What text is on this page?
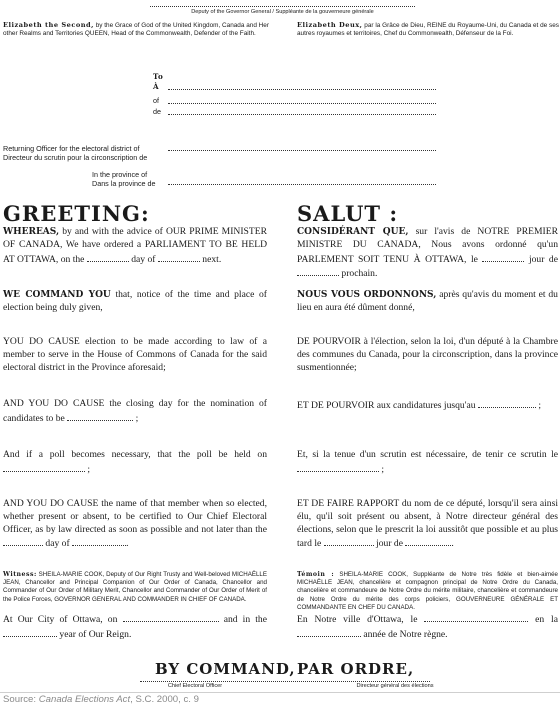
Deputy of the Governor General / Suppléante de la gouverneure générale
Elizabeth the Second, by the Grace of God of the United Kingdom, Canada and Her other Realms and Territories QUEEN, Head of the Commonwealth, Defender of the Faith.
Elizabeth Deux, par la Grâce de Dieu, REINE du Royaume-Uni, du Canada et de ses autres royaumes et territoires, Chef du Commonwealth, Défenseur de la Foi.
To
À
of
de
Returning Officer for the electoral district of
Directeur du scrutin pour la circonscription de
In the province of
Dans la province de
GREETING:	SALUT :
WHEREAS, by and with the advice of OUR PRIME MINISTER OF CANADA, We have ordered a PARLIAMENT TO BE HELD AT OTTAWA, on the	day of	next.
WE COMMAND YOU that, notice of the time and place of election being duly given,
YOU DO CAUSE election to be made according to law of a member to serve in the House of Commons of Canada for the said electoral district in the Province aforesaid;
AND YOU DO CAUSE the closing day for the nomination of candidates to be	;
And if a poll becomes necessary, that the poll be held on  ;
AND YOU DO CAUSE the name of that member when so elected, whether present or absent, to be certified to Our Chief Electoral Officer, as by law directed as soon as possible and not later than the  day of	.
Witness: SHEILA-MARIE COOK, Deputy of Our Right Trusty and Well-beloved MICHAËLLE JEAN, Chancellor and Principal Companion of Our Order of Canada, Chancellor and Commander of Our Order of Military Merit, Chancellor and Commander of Our Order of Merit of the Police Forces, GOVERNOR GENERAL AND COMMANDER IN CHIEF OF CANADA.
At Our City of Ottawa, on	and in the  year of Our Reign.
BY COMMAND,
CONSIDÉRANT QUE, sur l'avis de NOTRE PREMIER MINISTRE DU CANADA, Nous avons ordonné qu'un PARLEMENT SOIT TENU À OTTAWA, le	jour de  prochain.
NOUS VOUS ORDONNONS, après qu'avis du moment et du lieu en aura été dûment donné,
DE POURVOIR à l'élection, selon la loi, d'un député à la Chambre des communes du Canada, pour la circonscription, dans la province susmentionnée;
ET DE POURVOIR aux candidatures jusqu'au	;
Et, si la tenue d'un scrutin est nécessaire, de tenir ce scrutin le  ;
ET DE FAIRE RAPPORT du nom de ce député, lorsqu'il sera ainsi élu, qu'il soit présent ou absent, à Notre directeur général des élections, selon que le prescrit la loi aussitôt que possible et au plus tard le	jour de	.
Témoin : SHEILA-MARIE COOK, Suppléante de Notre très fidèle et bien-aimée MICHAËLLE JEAN, chancelière et compagnon principal de Notre Ordre du Canada, chancelière et commandeure de Notre Ordre du mérite militaire, chancelière et commandeure de Notre Ordre du mérite des corps policiers, GOUVERNEURE GÉNÉRALE ET COMMANDANTE EN CHEF DU CANADA.
En Notre ville d'Ottawa, le	en la  année de Notre règne.
PAR ORDRE,
Chief Electoral Officer	Directeur général des élections
Source: Canada Elections Act, S.C. 2000, c. 9
